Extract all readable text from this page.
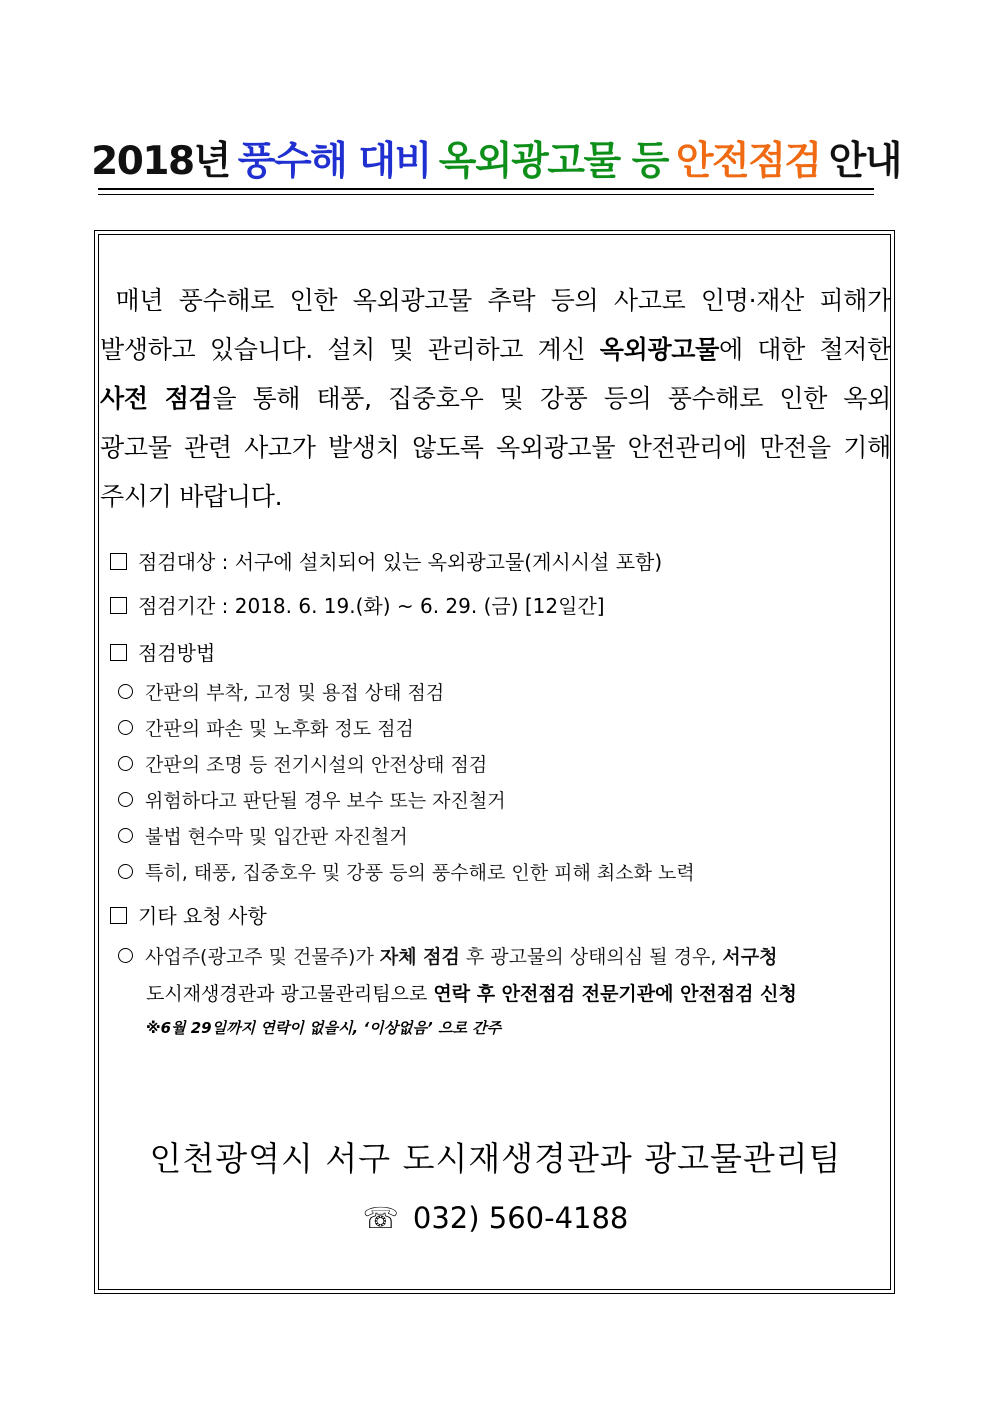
2018년 풍수해 대비 옥외광고물 등 안전점검 안내

매년 풍수해로 인한 옥외광고물 추락 등의 사고로 인명·재산 피해가

발생하고 있습니다. 설치 및 관리하고 계신 옥외광고물에 대한 철저한

사전 점검을 통해 태풍, 집중호우 및 강풍 등의 풍수해로 인한 옥외

광고물 관련 사고가 발생치 않도록 옥외광고물 안전관리에 만전을 기해

주시기 바랍니다.

점검대상 : 서구에 설치되어 있는 옥외광고물(게시시설 포함)
점검기간 : 2018. 6. 19.(화) ~ 6. 29. (금) [12일간]
점검방법
간판의 부착, 고정 및 용접 상태 점검
간판의 파손 및 노후화 정도 점검
간판의 조명 등 전기시설의 안전상태 점검
위험하다고 판단될 경우 보수 또는 자진철거
불법 현수막 및 입간판 자진철거
특히, 태풍, 집중호우 및 강풍 등의 풍수해로 인한 피해 최소화 노력
기타 요청 사항
사업주(광고주 및 건물주)가 자체 점검 후 광고물의 상태의심 될 경우, 서구청
도시재생경관과 광고물관리팀으로 연락 후 안전점검 전문기관에 안전점검 신청
※6월 29일까지 연락이 없을시, ‘이상없음’ 으로 간주
인천광역시 서구 도시재생경관과 광고물관리팀
☏ 032) 560-4188
